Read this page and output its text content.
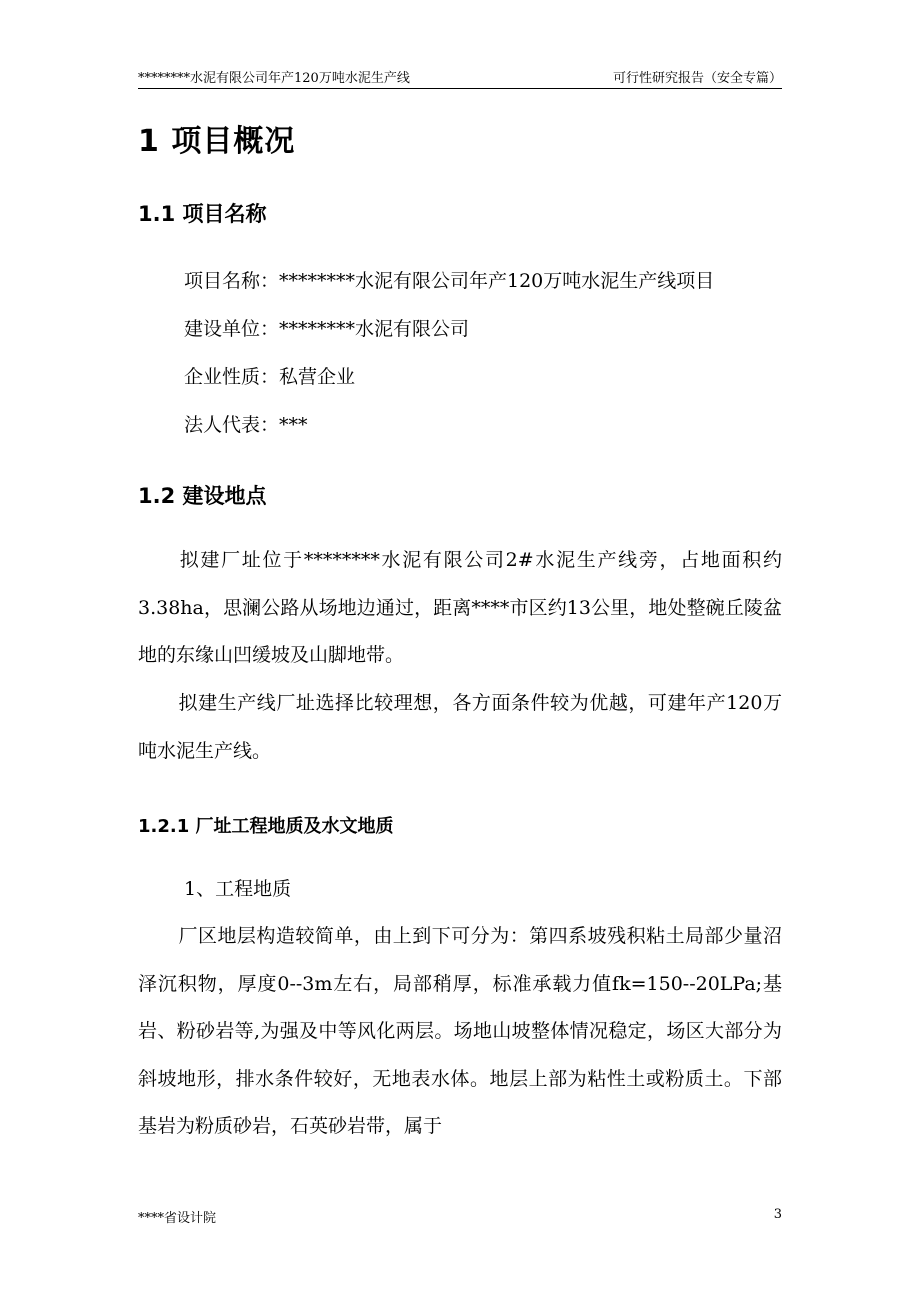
********水泥有限公司年产120万吨水泥生产线	可行性研究报告（安全专篇）
1 项目概况
1.1 项目名称
项目名称：********水泥有限公司年产120万吨水泥生产线项目
建设单位：********水泥有限公司
企业性质：私营企业
法人代表：***
1.2 建设地点
拟建厂址位于********水泥有限公司2#水泥生产线旁，占地面积约3.38ha，思澜公路从场地边通过，距离****市区约13公里，地处整碗丘陵盆地的东缘山凹缓坡及山脚地带。
拟建生产线厂址选择比较理想，各方面条件较为优越，可建年产120万吨水泥生产线。
1.2.1 厂址工程地质及水文地质
1、工程地质
厂区地层构造较简单，由上到下可分为：第四系坡残积粘土局部少量沼泽沉积物，厚度0--3m左右，局部稍厚，标准承载力值fk=150--20LPa;基岩、粉砂岩等,为强及中等风化两层。场地山坡整体情况稳定，场区大部分为斜坡地形，排水条件较好，无地表水体。地层上部为粘性土或粉质土。下部基岩为粉质砂岩，石英砂岩带，属于
****省设计院	3
